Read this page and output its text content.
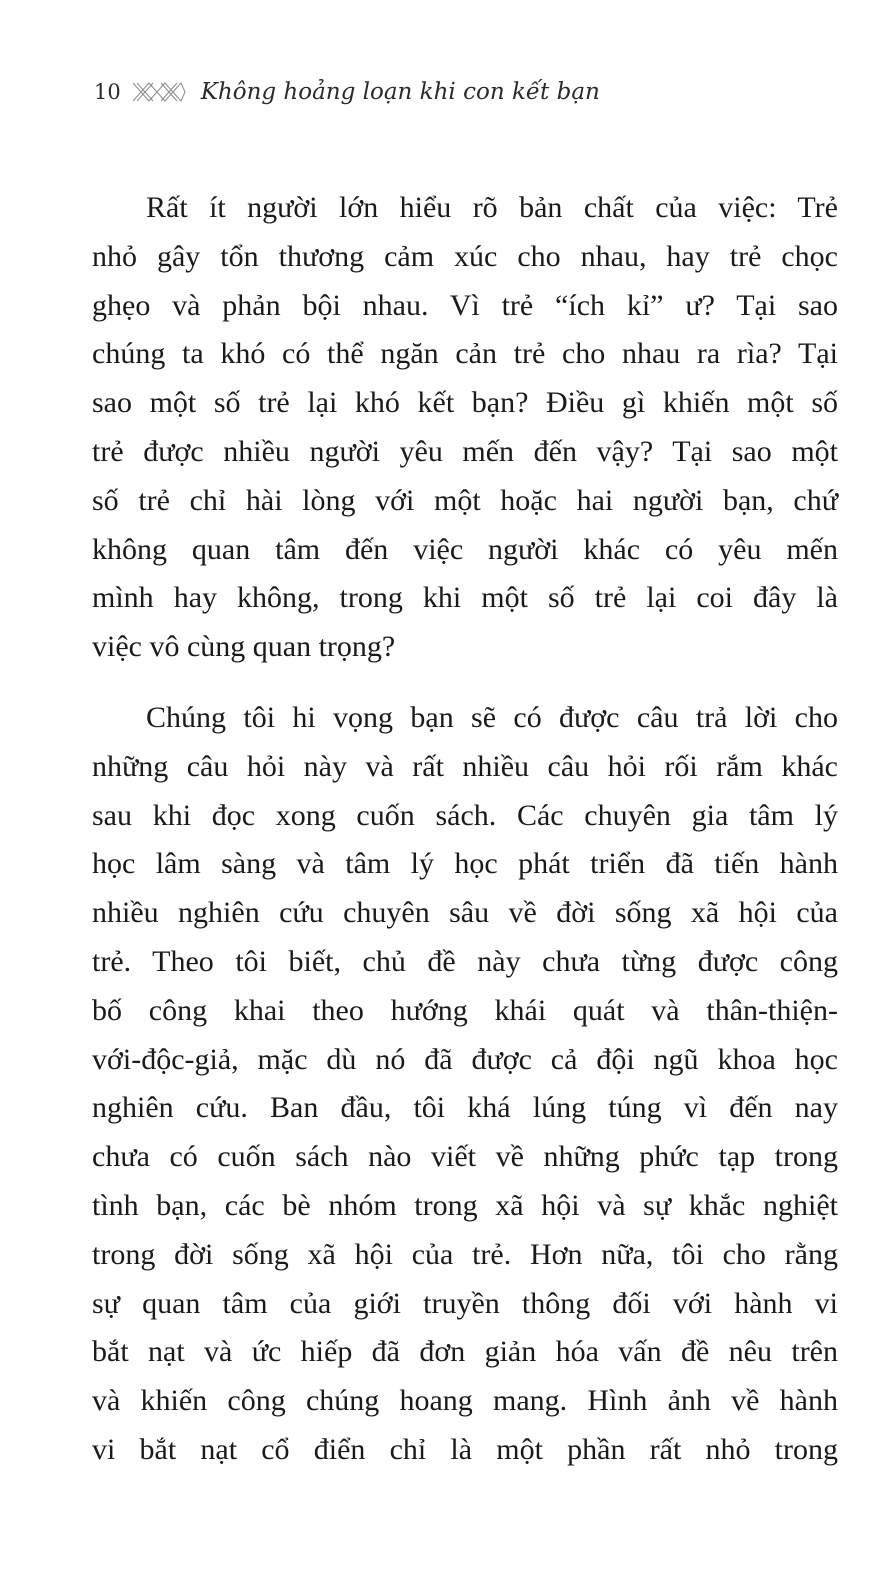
10	Không hoảng loạn khi con kết bạn
Rất ít người lớn hiểu rõ bản chất của việc: Trẻ
nhỏ gây tổn thương cảm xúc cho nhau, hay trẻ chọc
ghẹo và phản bội nhau. Vì trẻ “ích kỉ” ư? Tại sao
chúng ta khó có thể ngăn cản trẻ cho nhau ra rìa? Tại
sao một số trẻ lại khó kết bạn? Điều gì khiến một số
trẻ được nhiều người yêu mến đến vậy? Tại sao một
số trẻ chỉ hài lòng với một hoặc hai người bạn, chứ
không quan tâm đến việc người khác có yêu mến
mình hay không, trong khi một số trẻ lại coi đây là
việc vô cùng quan trọng?
Chúng tôi hi vọng bạn sẽ có được câu trả lời cho
những câu hỏi này và rất nhiều câu hỏi rối rắm khác
sau khi đọc xong cuốn sách. Các chuyên gia tâm lý
học lâm sàng và tâm lý học phát triển đã tiến hành
nhiều nghiên cứu chuyên sâu về đời sống xã hội của
trẻ. Theo tôi biết, chủ đề này chưa từng được công
bố công khai theo hướng khái quát và thân-thiện-
với-độc-giả, mặc dù nó đã được cả đội ngũ khoa học
nghiên cứu. Ban đầu, tôi khá lúng túng vì đến nay
chưa có cuốn sách nào viết về những phức tạp trong
tình bạn, các bè nhóm trong xã hội và sự khắc nghiệt
trong đời sống xã hội của trẻ. Hơn nữa, tôi cho rằng
sự quan tâm của giới truyền thông đối với hành vi
bắt nạt và ức hiếp đã đơn giản hóa vấn đề nêu trên
và khiến công chúng hoang mang. Hình ảnh về hành
vi bắt nạt cổ điển chỉ là một phần rất nhỏ trong
